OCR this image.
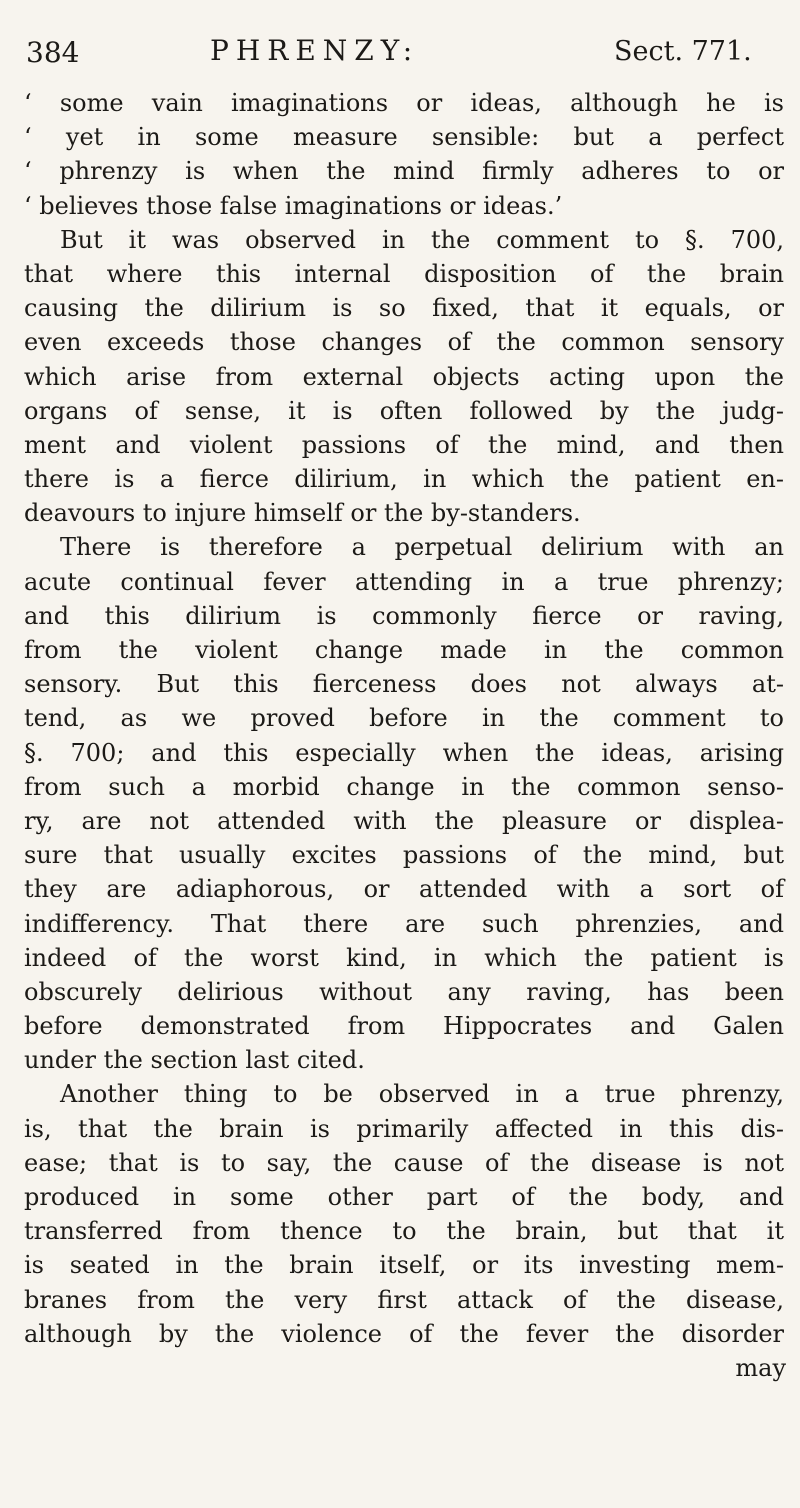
384	PHRENZY:	Sect. 771.
‘ some vain imaginations or ideas, although he is
‘ yet in some measure sensible: but a perfect
‘ phrenzy is when the mind firmly adheres to or
‘ believes those false imaginations or ideas.’
But it was observed in the comment to §. 700,
that where this internal disposition of the brain
causing the dilirium is so fixed, that it equals, or
even exceeds those changes of the common sensory
which arise from external objects acting upon the
organs of sense, it is often followed by the judg-
ment and violent passions of the mind, and then
there is a fierce dilirium, in which the patient en-
deavours to injure himself or the by-standers.
There is therefore a perpetual delirium with an
acute continual fever attending in a true phrenzy;
and this dilirium is commonly fierce or raving,
from the violent change made in the common
sensory. But this fierceness does not always at-
tend, as we proved before in the comment to
§. 700; and this especially when the ideas, arising
from such a morbid change in the common senso-
ry, are not attended with the pleasure or displea-
sure that usually excites passions of the mind, but
they are adiaphorous, or attended with a sort of
indifferency. That there are such phrenzies, and
indeed of the worst kind, in which the patient is
obscurely delirious without any raving, has been
before demonstrated from Hippocrates and Galen
under the section last cited.
Another thing to be observed in a true phrenzy,
is, that the brain is primarily affected in this dis-
ease; that is to say, the cause of the disease is not
produced in some other part of the body, and
transferred from thence to the brain, but that it
is seated in the brain itself, or its investing mem-
branes from the very first attack of the disease,
although by the violence of the fever the disorder
may
